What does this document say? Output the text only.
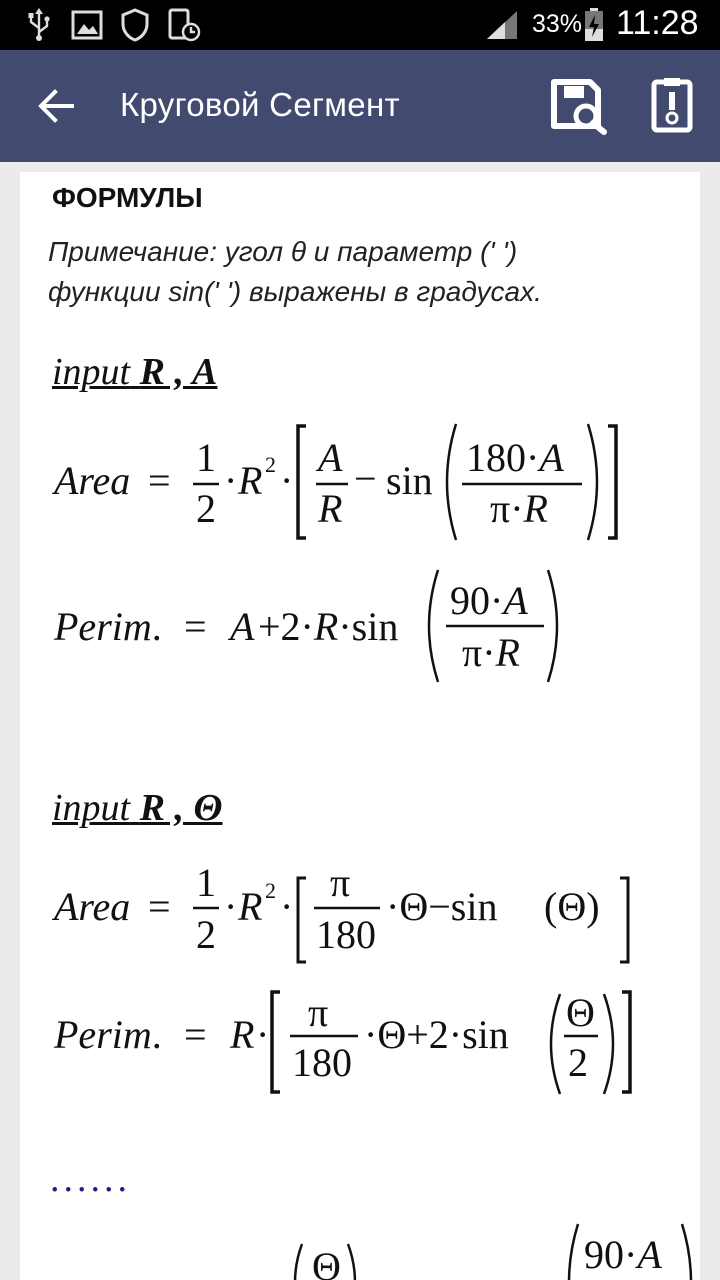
33% 11:28
Круговой Сегмент
ФОРМУЛЫ
Примечание: угол θ и параметр (' ')
функции sin(' ') выражены в градусах.
input R , A
Area =
1
2
· R 2 ·
A
R
− sin
180·A
π·R
Perim. = A +2·R·sin
90·A
π·R
input R , Θ
Area =
1
2
· R 2 ·
π
180
·Θ−sin (Θ)
Perim. = R · π
180
·Θ+2·sin Θ
2
......
Θ	90·A
